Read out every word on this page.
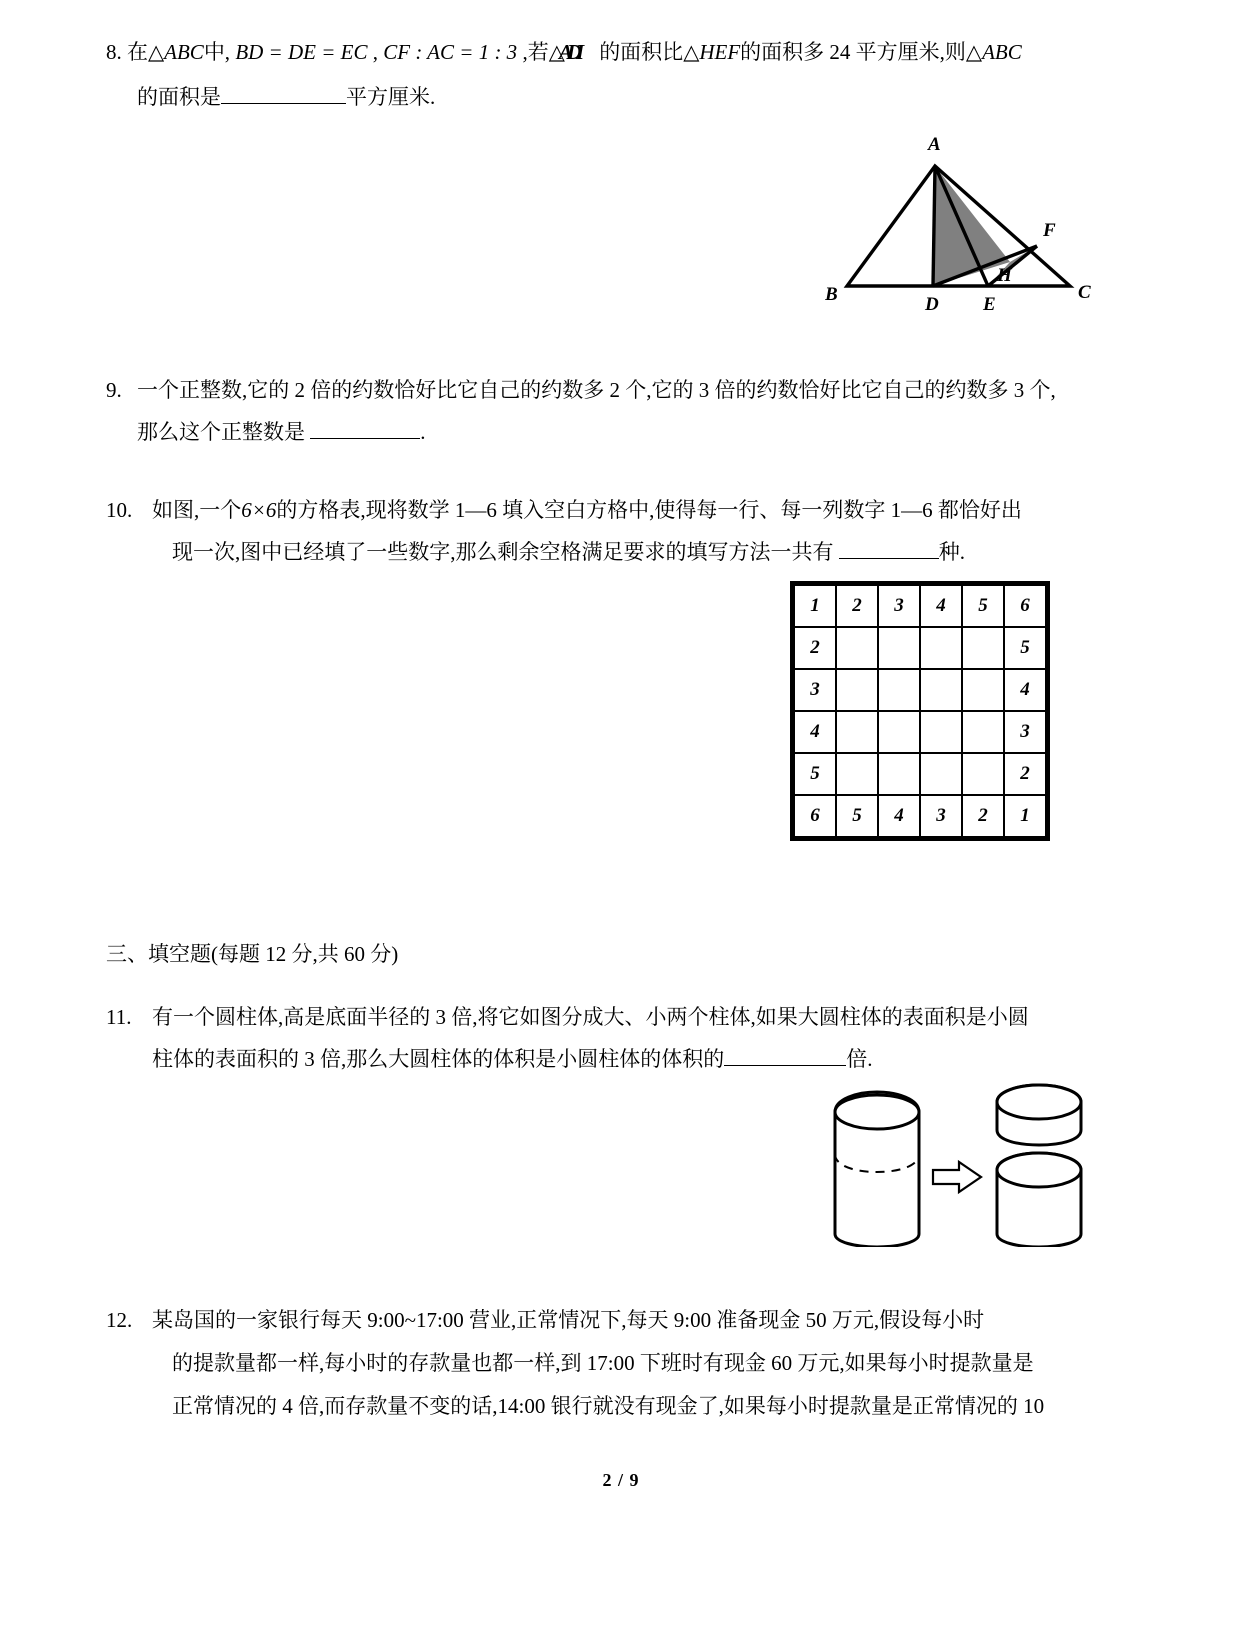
8. 在△ABC中, BD = DE = EC , CF : AC = 1 : 3 ,若△ADI 的面积比△HEF的面积多 24 平方厘米,则△ABC
的面积是	平方厘米.
A
B	C
D E
F
H
9. 一个正整数,它的 2 倍的约数恰好比它自己的约数多 2 个,它的 3 倍的约数恰好比它自己的约数多 3 个,
那么这个正整数是	.
10. 如图,一个6×6的方格表,现将数学 1—6 填入空白方格中,使得每一行、每一列数字 1—6 都恰好出
现一次,图中已经填了一些数字,那么剩余空格满足要求的填写方法一共有	种.
1	2	3	4	5	6
2					5
3					4
4					3
5					2
6	5	4	3	2	1
三、填空题(每题 12 分,共 60 分)
11. 有一个圆柱体,高是底面半径的 3 倍,将它如图分成大、小两个柱体,如果大圆柱体的表面积是小圆
柱体的表面积的 3 倍,那么大圆柱体的体积是小圆柱体的体积的	倍.
12. 某岛国的一家银行每天 9:00~17:00 营业,正常情况下,每天 9:00 准备现金 50 万元,假设每小时
的提款量都一样,每小时的存款量也都一样,到 17:00 下班时有现金 60 万元,如果每小时提款量是
正常情况的 4 倍,而存款量不变的话,14:00 银行就没有现金了,如果每小时提款量是正常情况的 10
2 / 9
